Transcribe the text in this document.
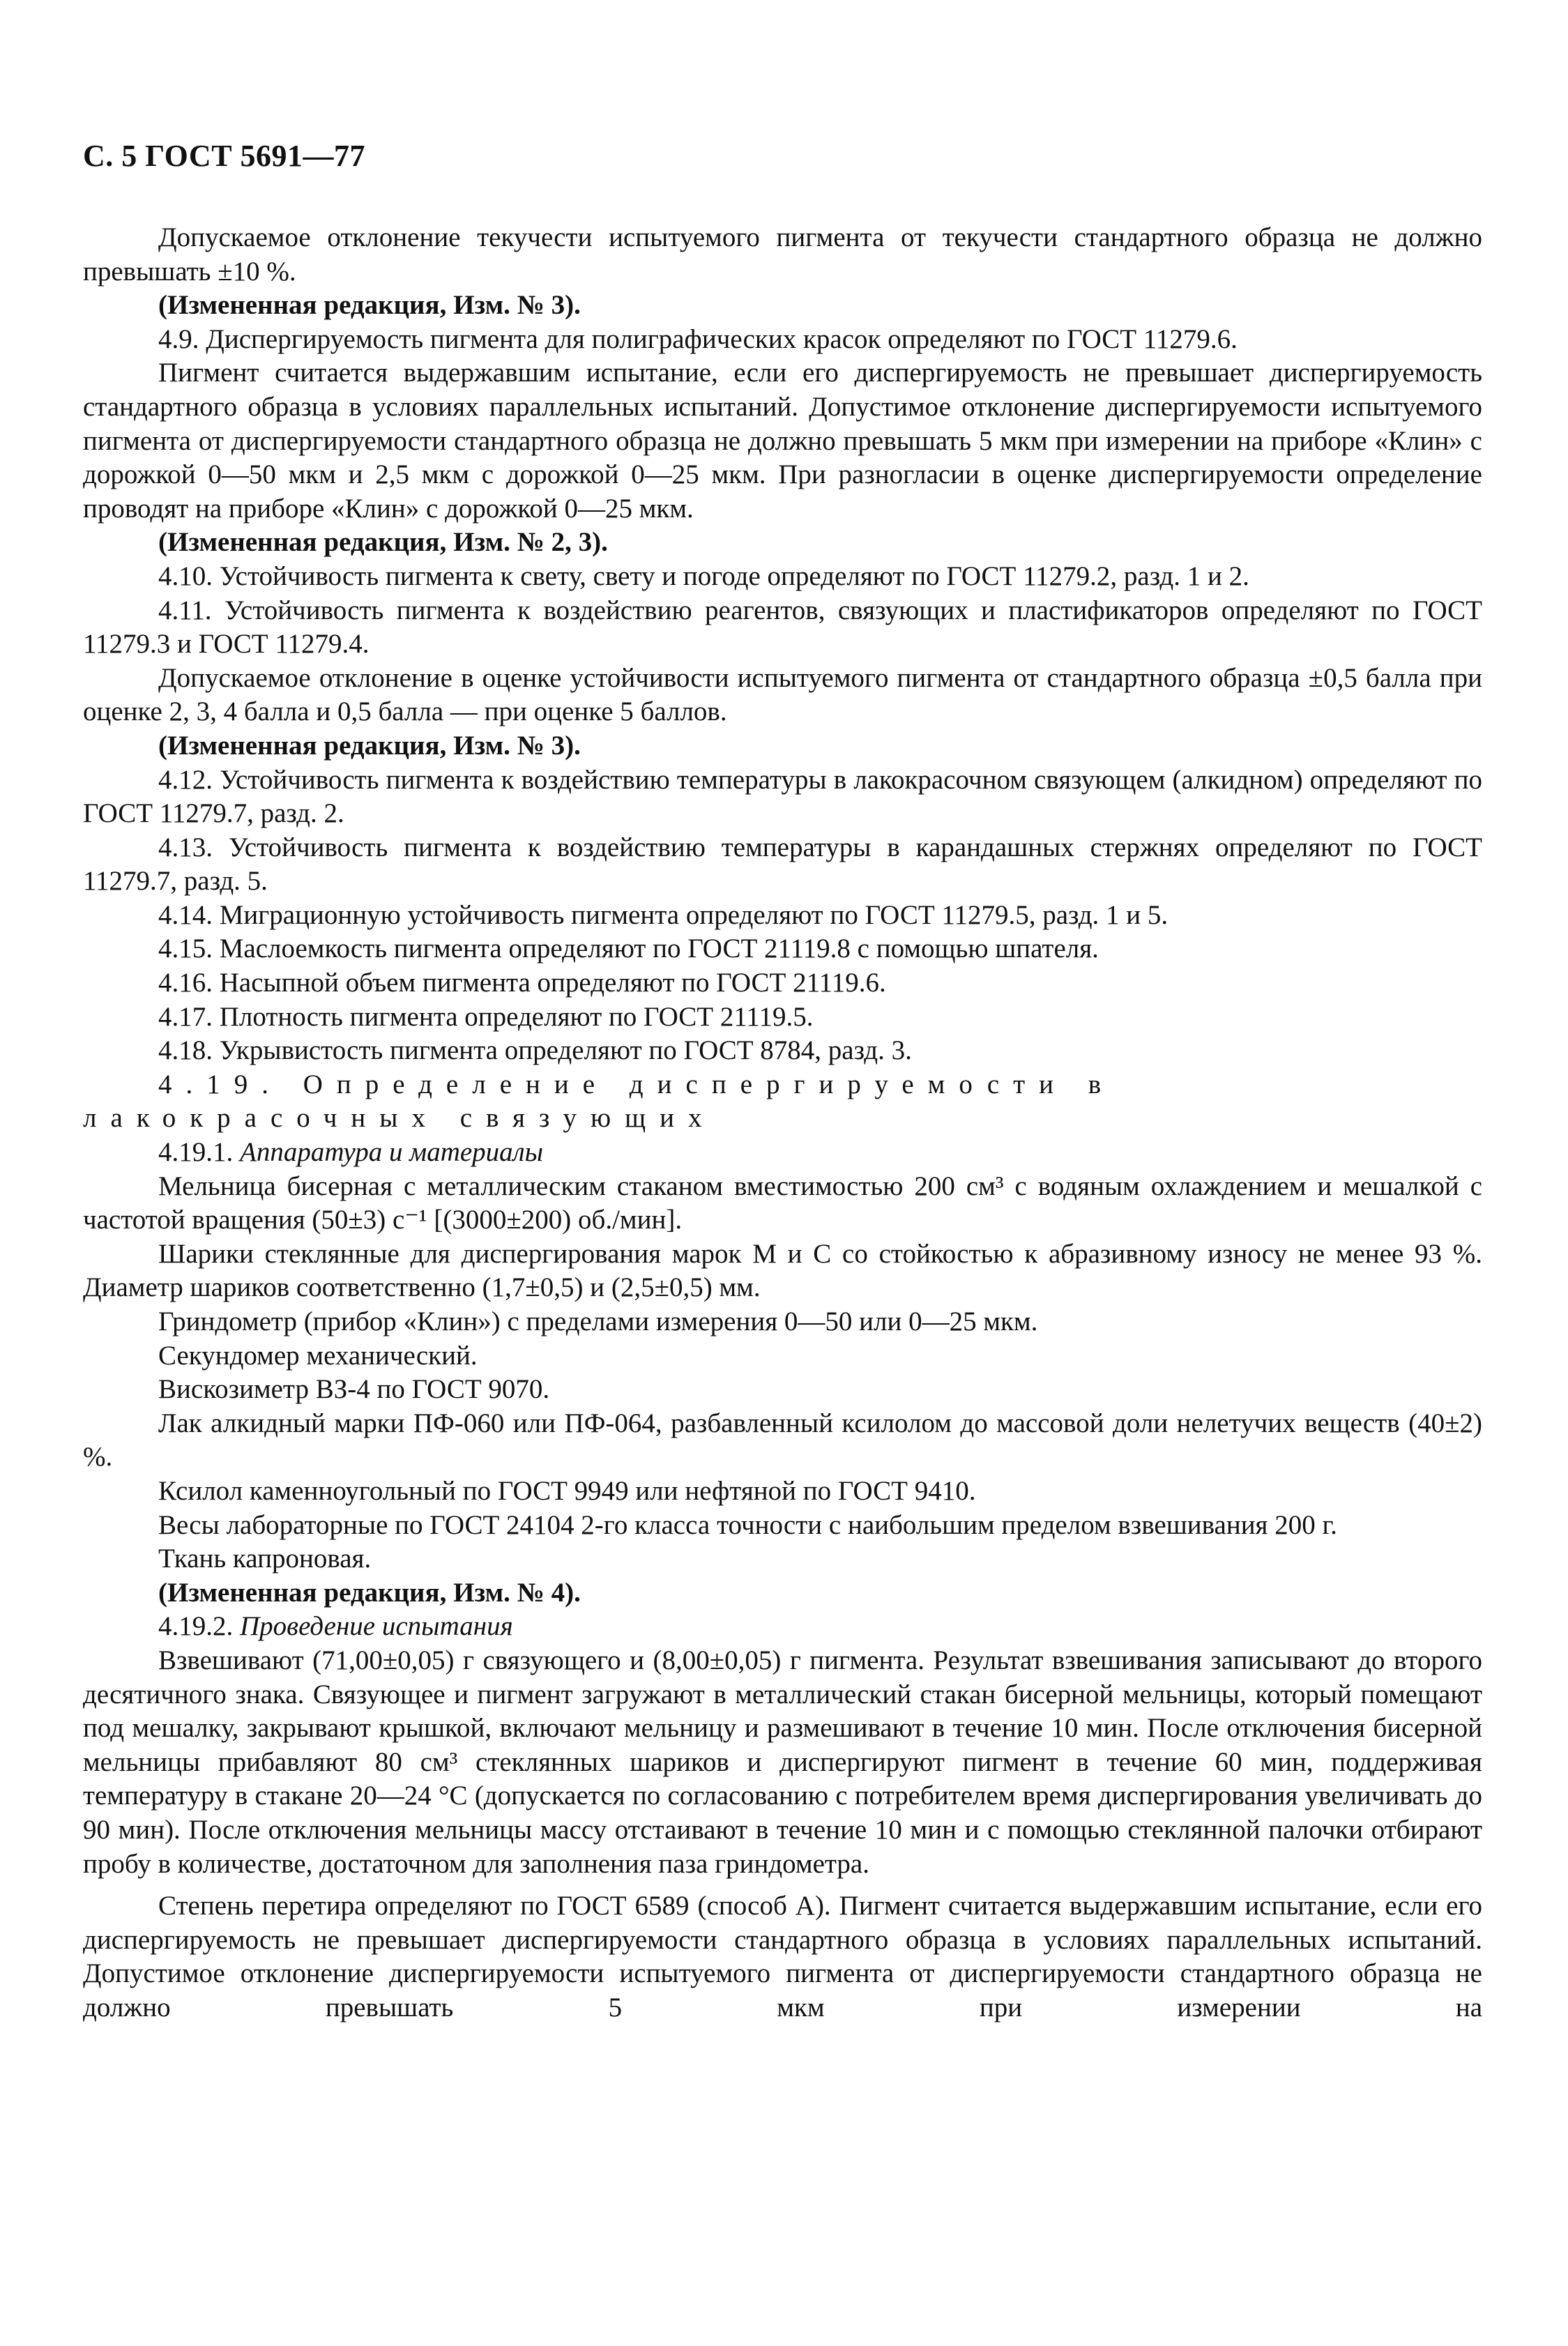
С. 5 ГОСТ 5691—77

Допускаемое отклонение текучести испытуемого пигмента от текучести стандартного образца не должно превышать ±10 %.

(Измененная редакция, Изм. № 3).

4.9. Диспергируемость пигмента для полиграфических красок определяют по ГОСТ 11279.6.

Пигмент считается выдержавшим испытание, если его диспергируемость не превышает диспергируемость стандартного образца в условиях параллельных испытаний. Допустимое отклонение диспергируемости испытуемого пигмента от диспергируемости стандартного образца не должно превышать 5 мкм при измерении на приборе «Клин» с дорожкой 0—50 мкм и 2,5 мкм с дорожкой 0—25 мкм. При разногласии в оценке диспергируемости определение проводят на приборе «Клин» с дорожкой 0—25 мкм.

(Измененная редакция, Изм. № 2, 3).

4.10. Устойчивость пигмента к свету, свету и погоде определяют по ГОСТ 11279.2, разд. 1 и 2.

4.11. Устойчивость пигмента к воздействию реагентов, связующих и пластификаторов определяют по ГОСТ 11279.3 и ГОСТ 11279.4.

Допускаемое отклонение в оценке устойчивости испытуемого пигмента от стандартного образца ±0,5 балла при оценке 2, 3, 4 балла и 0,5 балла — при оценке 5 баллов.

(Измененная редакция, Изм. № 3).

4.12. Устойчивость пигмента к воздействию температуры в лакокрасочном связующем (алкидном) определяют по ГОСТ 11279.7, разд. 2.

4.13. Устойчивость пигмента к воздействию температуры в карандашных стержнях определяют по ГОСТ 11279.7, разд. 5.

4.14. Миграционную устойчивость пигмента определяют по ГОСТ 11279.5, разд. 1 и 5.

4.15. Маслоемкость пигмента определяют по ГОСТ 21119.8 с помощью шпателя.

4.16. Насыпной объем пигмента определяют по ГОСТ 21119.6.

4.17. Плотность пигмента определяют по ГОСТ 21119.5.

4.18. Укрывистость пигмента определяют по ГОСТ 8784, разд. 3.

4.19. Определение диспергируемости в лакокрасочных связующих

4.19.1. Аппаратура и материалы

Мельница бисерная с металлическим стаканом вместимостью 200 см³ с водяным охлаждением и мешалкой с частотой вращения (50±3) с⁻¹ [(3000±200) об./мин].

Шарики стеклянные для диспергирования марок М и С со стойкостью к абразивному износу не менее 93 %. Диаметр шариков соответственно (1,7±0,5) и (2,5±0,5) мм.

Гриндометр (прибор «Клин») с пределами измерения 0—50 или 0—25 мкм.

Секундомер механический.

Вискозиметр ВЗ-4 по ГОСТ 9070.

Лак алкидный марки ПФ-060 или ПФ-064, разбавленный ксилолом до массовой доли нелетучих веществ (40±2) %.

Ксилол каменноугольный по ГОСТ 9949 или нефтяной по ГОСТ 9410.

Весы лабораторные по ГОСТ 24104 2-го класса точности с наибольшим пределом взвешивания 200 г.

Ткань капроновая.

(Измененная редакция, Изм. № 4).

4.19.2. Проведение испытания

Взвешивают (71,00±0,05) г связующего и (8,00±0,05) г пигмента. Результат взвешивания записывают до второго десятичного знака. Связующее и пигмент загружают в металлический стакан бисерной мельницы, который помещают под мешалку, закрывают крышкой, включают мельницу и размешивают в течение 10 мин. После отключения бисерной мельницы прибавляют 80 см³ стеклянных шариков и диспергируют пигмент в течение 60 мин, поддерживая температуру в стакане 20—24 °С (допускается по согласованию с потребителем время диспергирования увеличивать до 90 мин). После отключения мельницы массу отстаивают в течение 10 мин и с помощью стеклянной палочки отбирают пробу в количестве, достаточном для заполнения паза гриндометра.

Степень перетира определяют по ГОСТ 6589 (способ А). Пигмент считается выдержавшим испытание, если его диспергируемость не превышает диспергируемости стандартного образца в условиях параллельных испытаний. Допустимое отклонение диспергируемости испытуемого пигмента от диспергируемости стандартного образца не должно превышать 5 мкм при измерении на
